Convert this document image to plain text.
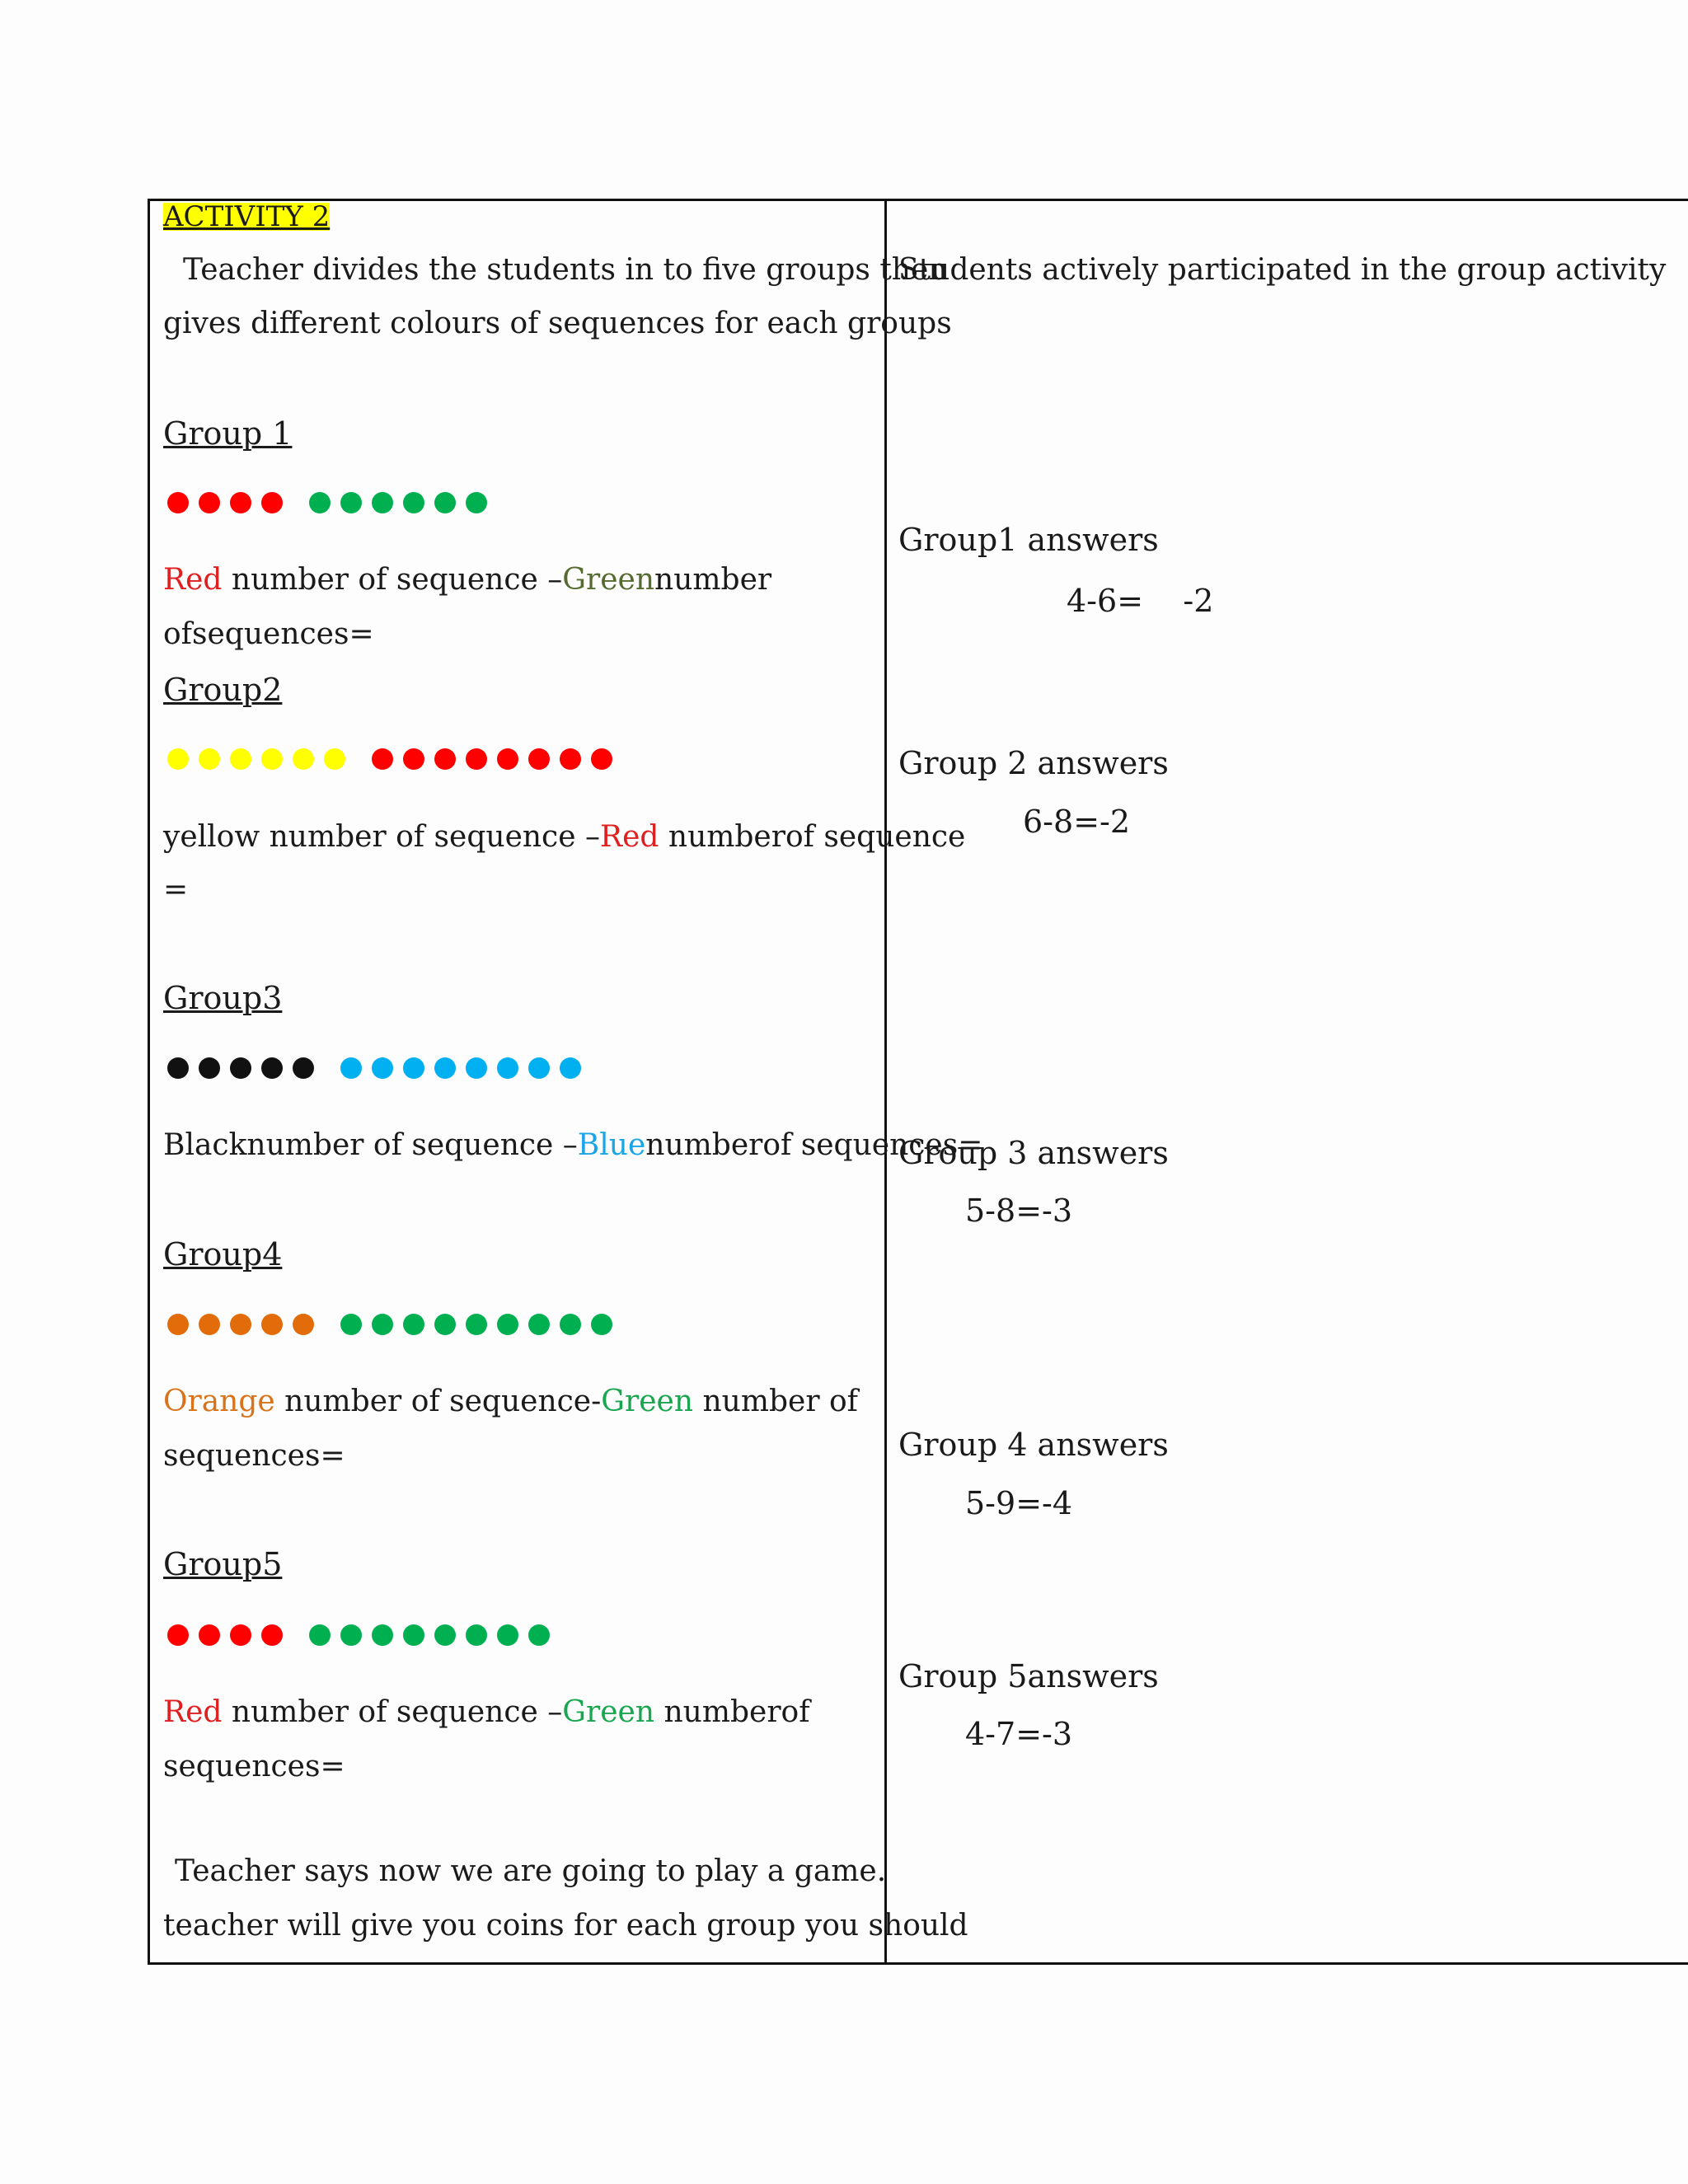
ACTIVITY 2
Teacher divides the students in to five groups then
gives different colours of sequences for each groups
Group 1
Red number of sequence –Greennumber
ofsequences=
Group2
yellow number of sequence –Red numberof sequence
=
Group3
Blacknumber of sequence –Bluenumberof sequences=
Group4
Orange number of sequence-Green number of
sequences=
Group5
Red number of sequence –Green numberof
sequences=
Teacher says now we are going to play a game.
teacher will give you coins for each group you should
Students actively participated in the group activity
Group1 answers
4-6=    -2
Group 2 answers
6-8=-2
Group 3 answers
5-8=-3
Group 4 answers
5-9=-4
Group 5answers
4-7=-3
